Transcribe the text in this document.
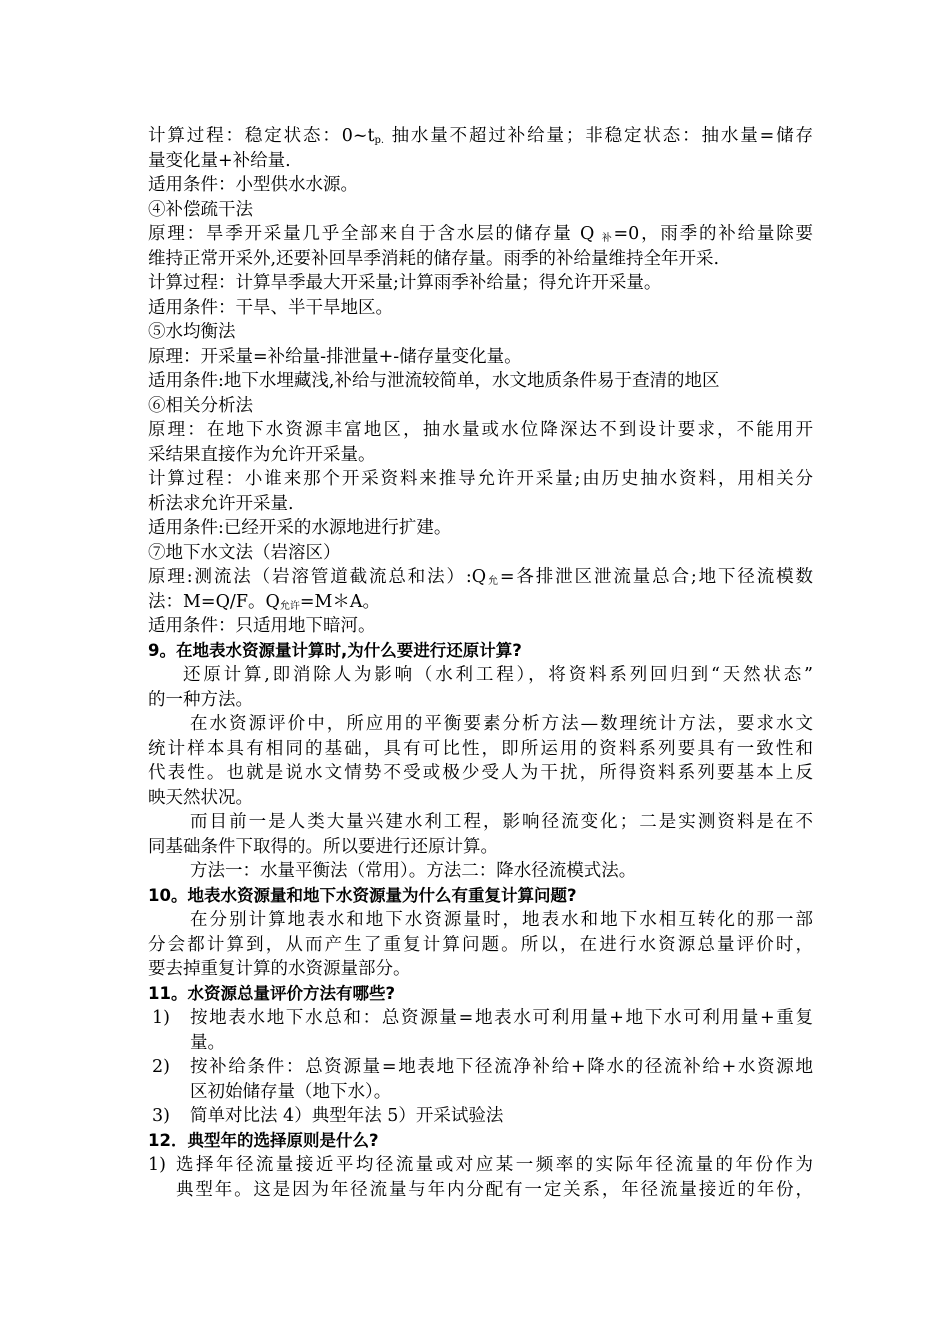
计算过程：稳定状态：$0\sim t_{p.}$ 抽水量不超过补给量；非稳定状态：抽水量=储存
量变化量+补给量.
适用条件：小型供水水源。
④补偿疏干法
原理：旱季开采量几乎全部来自于含水层的储存量 Q $_补$=0，雨季的补给量除要
维持正常开采外,还要补回旱季消耗的储存量。雨季的补给量维持全年开采.
计算过程：计算旱季最大开采量;计算雨季补给量；得允许开采量。
适用条件：干旱、半干旱地区。
⑤水均衡法
原理：开采量=补给量-排泄量+-储存量变化量。
适用条件:地下水埋藏浅,补给与泄流较简单，水文地质条件易于查清的地区
⑥相关分析法
原理：在地下水资源丰富地区，抽水量或水位降深达不到设计要求，不能用开
采结果直接作为允许开采量。
计算过程：小谁来那个开采资料来推导允许开采量;由历史抽水资料，用相关分
析法求允许开采量.
适用条件:已经开采的水源地进行扩建。
⑦地下水文法（岩溶区）
原理:测流法（岩溶管道截流总和法）$:Q_允=$各排泄区泄流量总合;地下径流模数
法：M=Q/F。$Q_{允许}=M*A$。
适用条件：只适用地下暗河。
9。在地表水资源量计算时,为什么要进行还原计算?
还原计算,即消除人为影响（水利工程），将资料系列回归到“天然状态”
的一种方法。
在水资源评价中，所应用的平衡要素分析方法—数理统计方法，要求水文
统计样本具有相同的基础，具有可比性，即所运用的资料系列要具有一致性和
代表性。也就是说水文情势不受或极少受人为干扰，所得资料系列要基本上反
映天然状况。
而目前一是人类大量兴建水利工程，影响径流变化；二是实测资料是在不
同基础条件下取得的。所以要进行还原计算。
方法一：水量平衡法（常用）。方法二：降水径流模式法。
10。地表水资源量和地下水资源量为什么有重复计算问题?
在分别计算地表水和地下水资源量时，地表水和地下水相互转化的那一部
分会都计算到，从而产生了重复计算问题。所以，在进行水资源总量评价时，
要去掉重复计算的水资源量部分。
11。水资源总量评价方法有哪些?
1) 按地表水地下水总和：总资源量=地表水可利用量+地下水可利用量+重复
量。
2) 按补给条件：总资源量=地表地下径流净补给+降水的径流补给+水资源地
区初始储存量（地下水）。
3) 简单对比法 4）典型年法 5）开采试验法
12．典型年的选择原则是什么?
1) 选择年径流量接近平均径流量或对应某一频率的实际年径流量的年份作为
典型年。这是因为年径流量与年内分配有一定关系，年径流量接近的年份，
